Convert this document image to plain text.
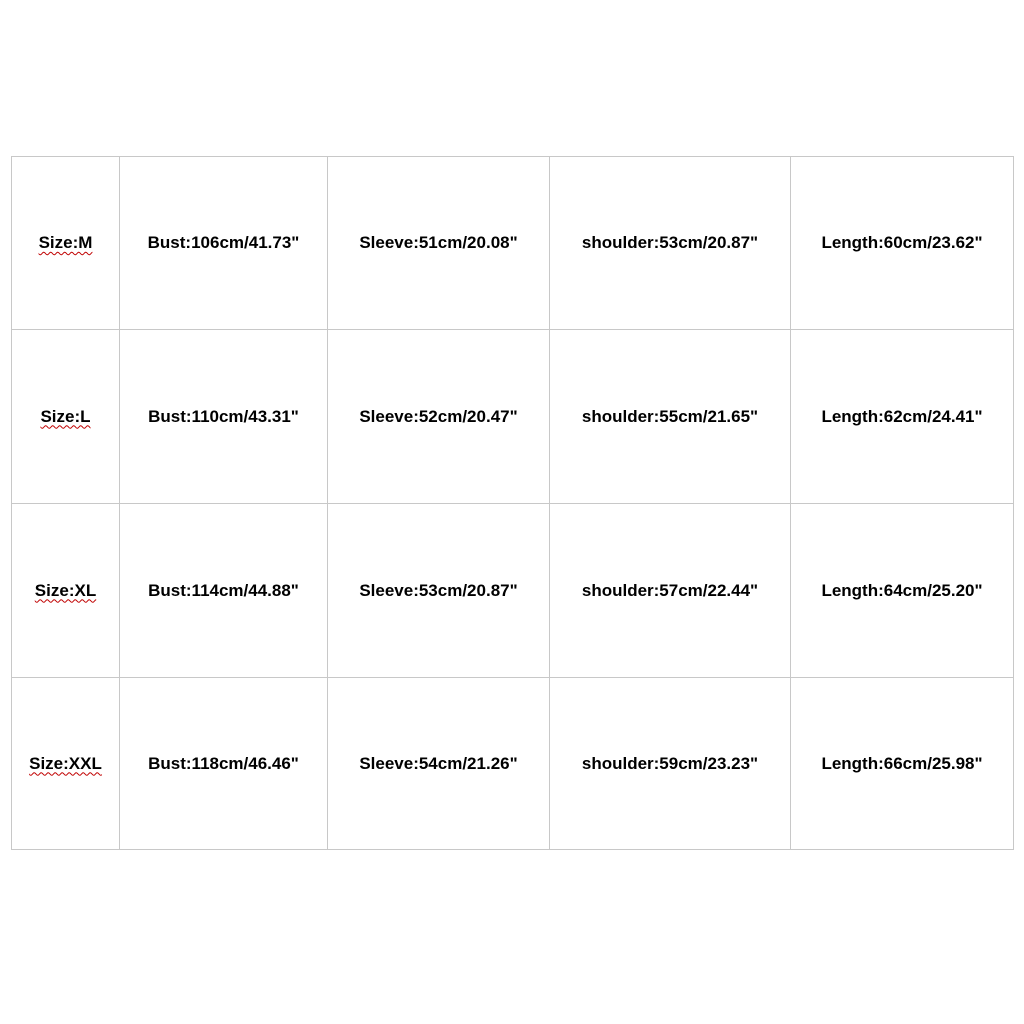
Size:M	Bust:106cm/41.73"	Sleeve:51cm/20.08"	shoulder:53cm/20.87"	Length:60cm/23.62"
Size:L	Bust:110cm/43.31"	Sleeve:52cm/20.47"	shoulder:55cm/21.65"	Length:62cm/24.41"
Size:XL	Bust:114cm/44.88"	Sleeve:53cm/20.87"	shoulder:57cm/22.44"	Length:64cm/25.20"
Size:XXL	Bust:118cm/46.46"	Sleeve:54cm/21.26"	shoulder:59cm/23.23"	Length:66cm/25.98"
